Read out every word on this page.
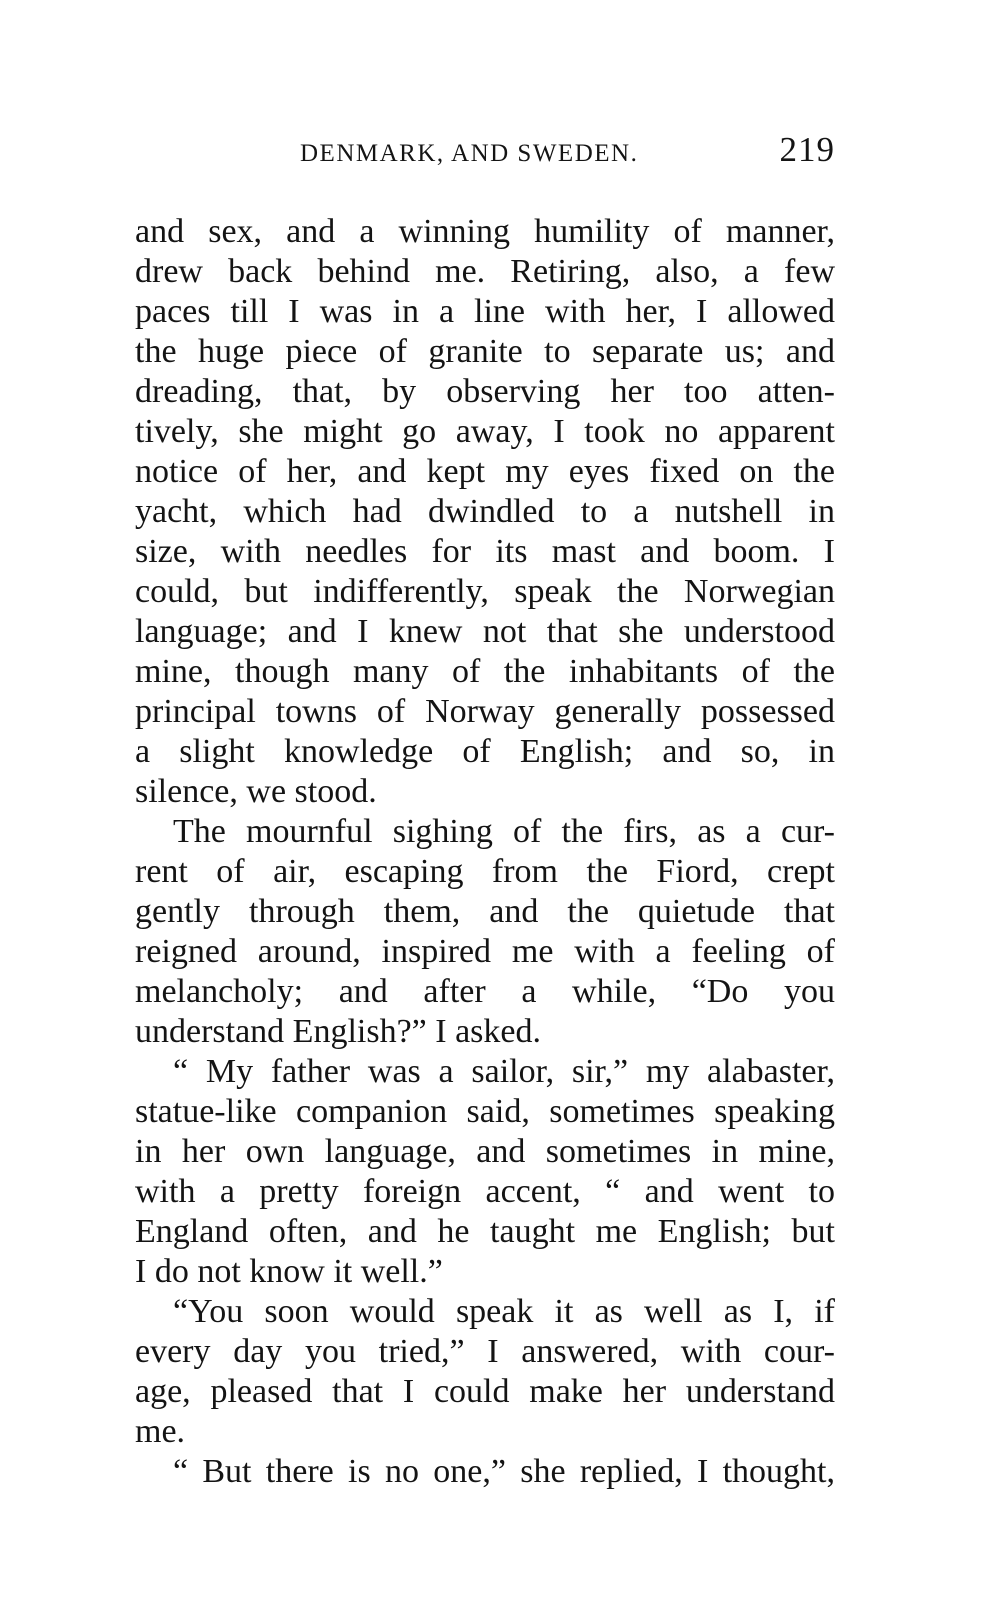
DENMARK, AND SWEDEN.	219
and sex, and a winning humility of manner,
drew back behind me. Retiring, also, a few
paces till I was in a line with her, I allowed
the huge piece of granite to separate us; and
dreading, that, by observing her too atten-
tively, she might go away, I took no apparent
notice of her, and kept my eyes fixed on the
yacht, which had dwindled to a nutshell in
size, with needles for its mast and boom. I
could, but indifferently, speak the Norwegian
language; and I knew not that she understood
mine, though many of the inhabitants of the
principal towns of Norway generally possessed
a slight knowledge of English; and so, in
silence, we stood.
The mournful sighing of the firs, as a cur-
rent of air, escaping from the Fiord, crept
gently through them, and the quietude that
reigned around, inspired me with a feeling of
melancholy; and after a while, “Do you
understand English?” I asked.
“ My father was a sailor, sir,” my alabaster,
statue-like companion said, sometimes speaking
in her own language, and sometimes in mine,
with a pretty foreign accent, “ and went to
England often, and he taught me English; but
I do not know it well.”
“You soon would speak it as well as I, if
every day you tried,” I answered, with cour-
age, pleased that I could make her understand
me.
“ But there is no one,” she replied, I thought,
